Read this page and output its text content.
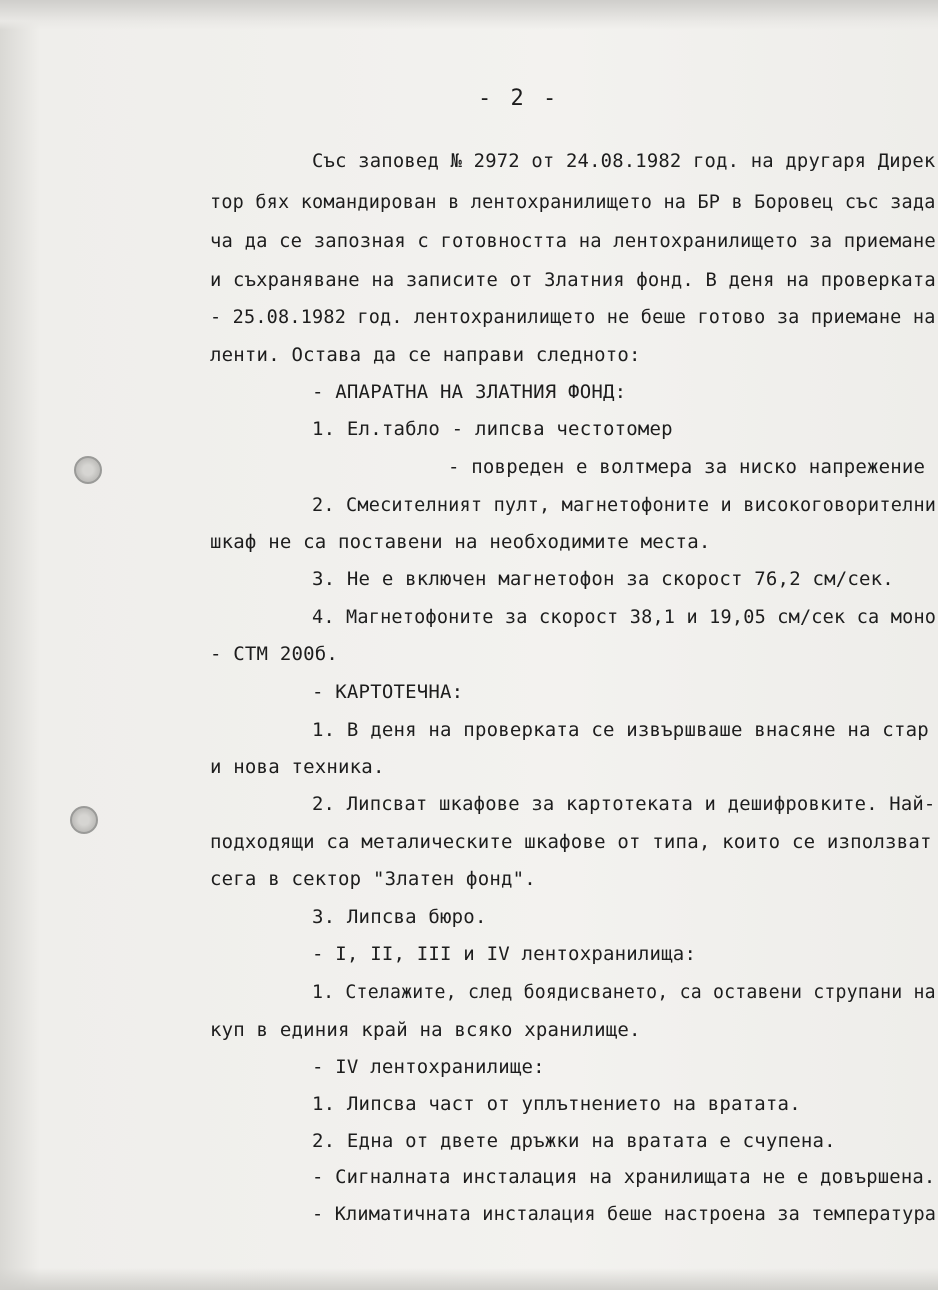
- 2 -
Със заповед № 2972 от 24.08.1982 год. на другаря Дирек
тор бях командирован в лентохранилището на БР в Боровец със зада
ча да се запозная с готовността на лентохранилището за приемане
и съхраняване на записите от Златния фонд. В деня на проверката
- 25.08.1982 год. лентохранилището не беше готово за приемане на
ленти. Остава да се направи следното:
- АПАРАТНА НА ЗЛАТНИЯ ФОНД:
1. Ел.табло - липсва честотомер
- повреден е волтмера за ниско напрежение
2. Смесителният пулт, магнетофоните и високоговорителни
шкаф не са поставени на необходимите места.
3. Не е включен магнетофон за скорост 76,2 см/сек.
4. Магнетофоните за скорост 38,1 и 19,05 см/сек са моно
- СТМ 200б.
- КАРТОТЕЧНА:
1. В деня на проверката се извършваше внасяне на стар
и нова техника.
2. Липсват шкафове за картотеката и дешифровките. Най-
подходящи са металическите шкафове от типа, които се използват
сега в сектор "Златен фонд".
3. Липсва бюро.
- I, II, III и IV лентохранилища:
1. Стелажите, след боядисването, са оставени струпани на
куп в единия край на всяко хранилище.
- IV лентохранилище:
1. Липсва част от уплътнението на вратата.
2. Една от двете дръжки на вратата е счупена.
- Сигналната инсталация на хранилищата не е довършена.
- Климатичната инсталация беше настроена за температура
